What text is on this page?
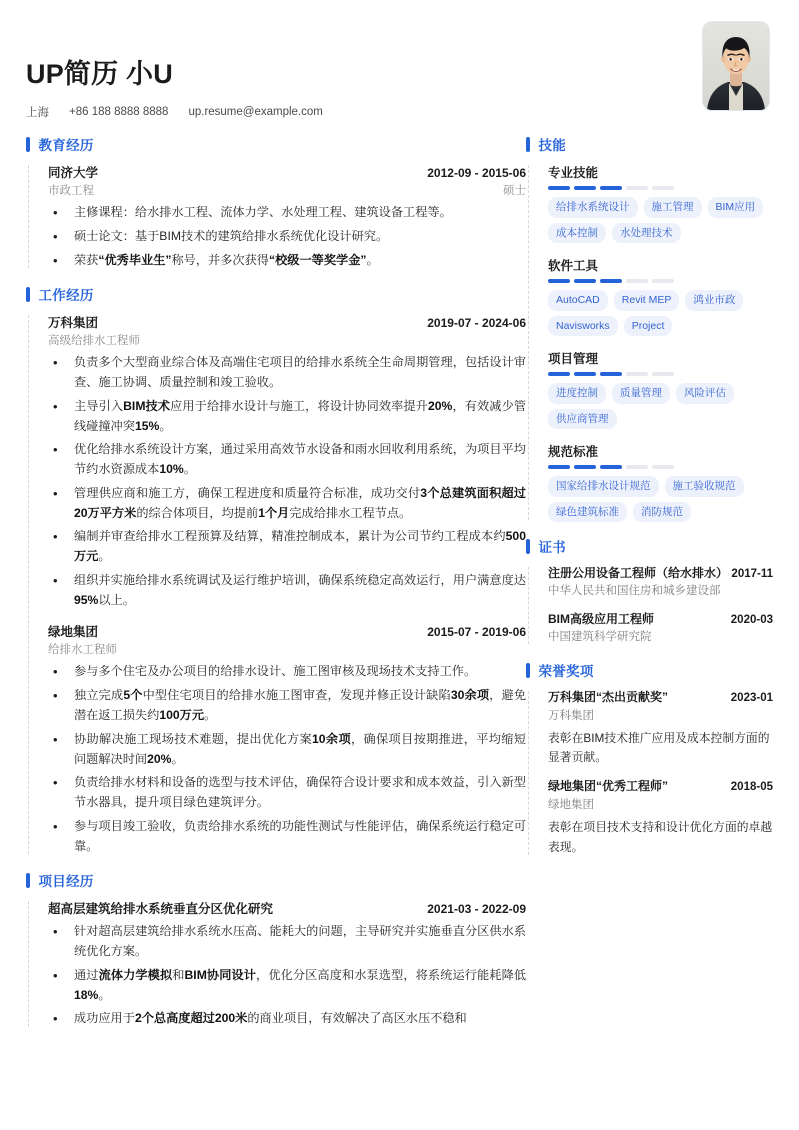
UP简历 小U
上海 +86 188 8888 8888 up.resume@example.com
教育经历
同济大学	2012-09 - 2015-06
市政工程	硕士
• 主修课程：给水排水工程、流体力学、水处理工程、建筑设备工程等。
• 硕士论文：基于BIM技术的建筑给排水系统优化设计研究。
• 荣获“优秀毕业生”称号，并多次获得“校级一等奖学金”。
工作经历
万科集团	2019-07 - 2024-06
高级给排水工程师
• 负责多个大型商业综合体及高端住宅项目的给排水系统全生命周期管理，包括设计审查、施工协调、质量控制和竣工验收。
• 主导引入BIM技术应用于给排水设计与施工，将设计协同效率提升20%，有效减少管线碰撞冲突15%。
• 优化给排水系统设计方案，通过采用高效节水设备和雨水回收利用系统，为项目平均节约水资源成本10%。
• 管理供应商和施工方，确保工程进度和质量符合标准，成功交付3个总建筑面积超过20万平方米的综合体项目，均提前1个月完成给排水工程节点。
• 编制并审查给排水工程预算及结算，精准控制成本，累计为公司节约工程成本约500万元。
• 组织并实施给排水系统调试及运行维护培训，确保系统稳定高效运行，用户满意度达95%以上。
绿地集团	2015-07 - 2019-06
给排水工程师
• 参与多个住宅及办公项目的给排水设计、施工图审核及现场技术支持工作。
• 独立完成5个中型住宅项目的给排水施工图审查，发现并修正设计缺陷30余项，避免潜在返工损失约100万元。
• 协助解决施工现场技术难题，提出优化方案10余项，确保项目按期推进，平均缩短问题解决时间20%。
• 负责给排水材料和设备的选型与技术评估，确保符合设计要求和成本效益，引入新型节水器具，提升项目绿色建筑评分。
• 参与项目竣工验收，负责给排水系统的功能性测试与性能评估，确保系统运行稳定可靠。
项目经历
超高层建筑给排水系统垂直分区优化研究	2021-03 - 2022-09
• 针对超高层建筑给排水系统水压高、能耗大的问题，主导研究并实施垂直分区供水系统优化方案。
• 通过流体力学模拟和BIM协同设计，优化分区高度和水泵选型，将系统运行能耗降低18%。
• 成功应用于2个总高度超过200米的商业项目，有效解决了高区水压不稳和
技能
专业技能
给排水系统设计	施工管理	BIM应用
成本控制	水处理技术
软件工具
AutoCAD	Revit MEP	鸿业市政
Navisworks	Project
项目管理
进度控制	质量管理	风险评估
供应商管理
规范标准
国家给排水设计规范	施工验收规范
绿色建筑标准	消防规范
证书
注册公用设备工程师（给水排水） 2017-11
中华人民共和国住房和城乡建设部
BIM高级应用工程师	2020-03
中国建筑科学研究院
荣誉奖项
万科集团“杰出贡献奖”	2023-01
万科集团
表彰在BIM技术推广应用及成本控制方面的显著贡献。
绿地集团“优秀工程师”	2018-05
绿地集团
表彰在项目技术支持和设计优化方面的卓越表现。
